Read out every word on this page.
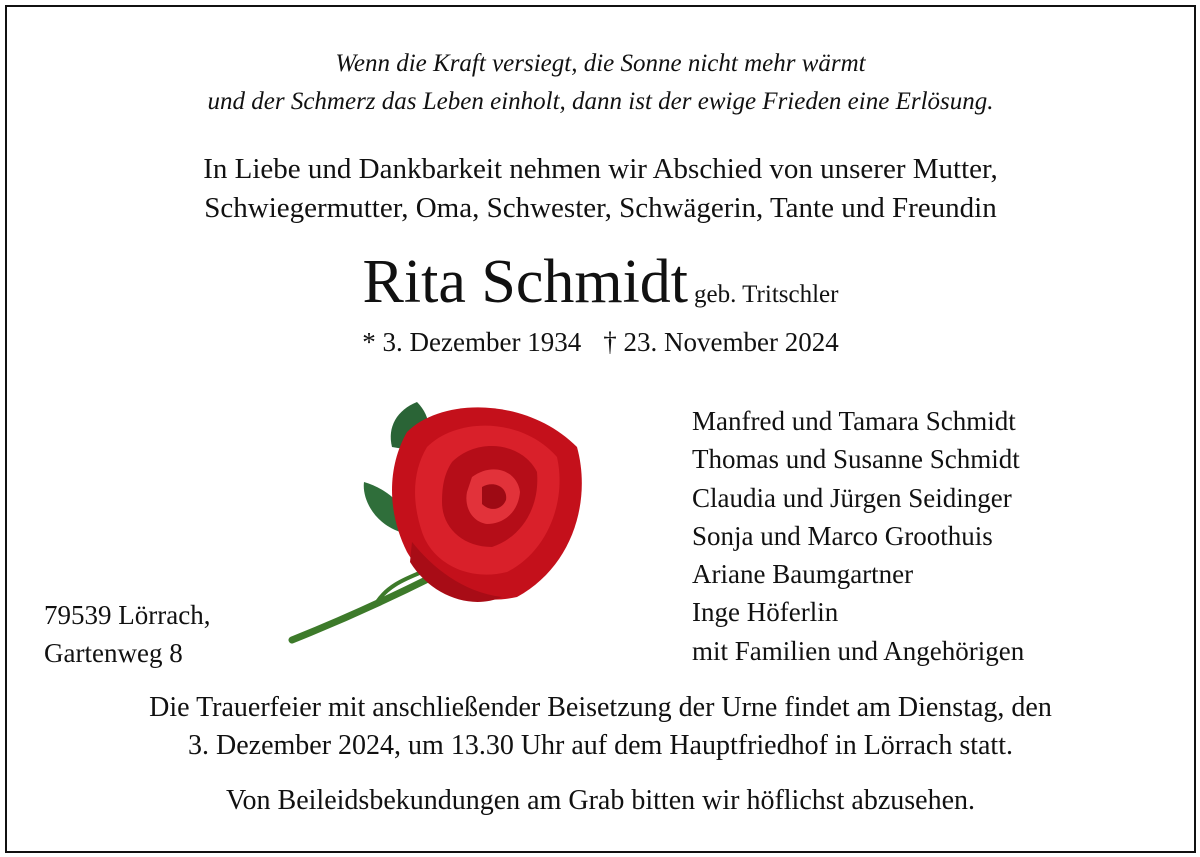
Wenn die Kraft versiegt, die Sonne nicht mehr wärmt
und der Schmerz das Leben einholt, dann ist der ewige Frieden eine Erlösung.
In Liebe und Dankbarkeit nehmen wir Abschied von unserer Mutter,
Schwiegermutter, Oma, Schwester, Schwägerin, Tante und Freundin
Rita Schmidt geb. Tritschler
* 3. Dezember 1934 † 23. November 2024
79539 Lörrach,
Gartenweg 8
Manfred und Tamara Schmidt
Thomas und Susanne Schmidt
Claudia und Jürgen Seidinger
Sonja und Marco Groothuis
Ariane Baumgartner
Inge Höferlin
mit Familien und Angehörigen
Die Trauerfeier mit anschließender Beisetzung der Urne findet am Dienstag, den
3. Dezember 2024, um 13.30 Uhr auf dem Hauptfriedhof in Lörrach statt.
Von Beileidsbekundungen am Grab bitten wir höflichst abzusehen.
